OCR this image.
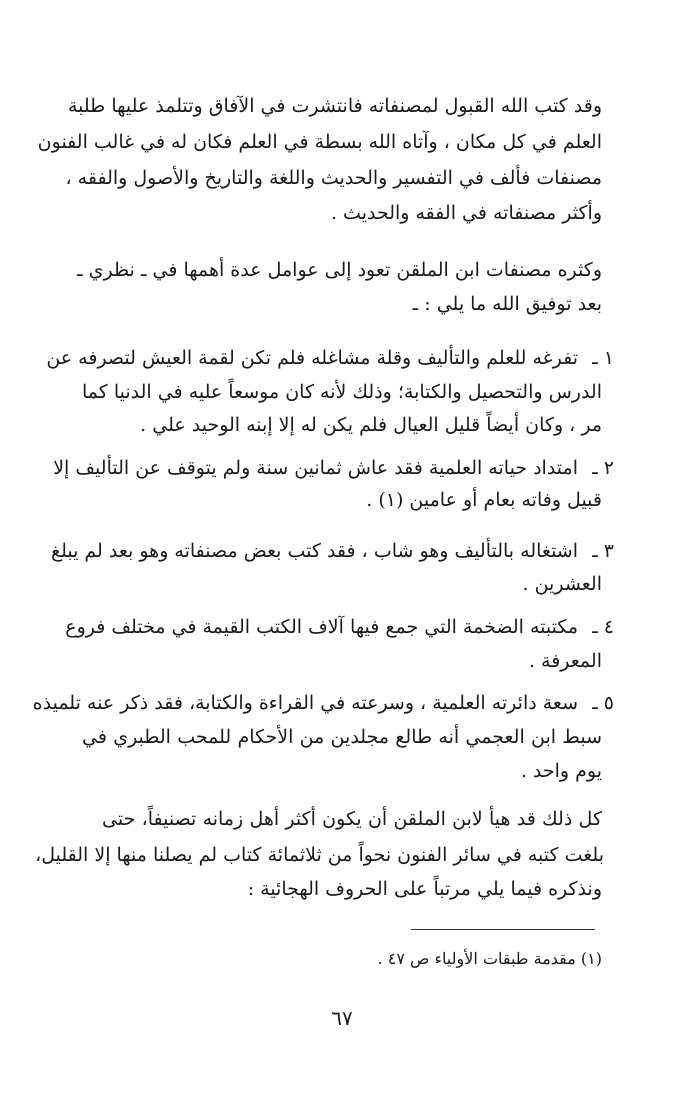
وقد كتب الله القبول لمصنفاته فانتشرت في الآفاق وتتلمذ عليها طلبة
العلم في كل مكان ، وآتاه الله بسطة في العلم فكان له في غالب الفنون
مصنفات فألف في التفسير والحديث واللغة والتاريخ والأصول والفقه ،
وأكثر مصنفاته في الفقه والحديث .
وكثره مصنفات ابن الملقن تعود إلى عوامل عدة أهمها في ـ نظري ـ
بعد توفيق الله ما يلي : ـ
١ ـ
تفرغه للعلم والتأليف وقلة مشاغله فلم تكن لقمة العيش لتصرفه عن
الدرس والتحصيل والكتابة؛ وذلك لأنه كان موسعاً عليه في الدنيا كما
مر ، وكان أيضاً قليل العيال فلم يكن له إلا إبنه الوحيد علي .
٢ ـ
امتداد حياته العلمية فقد عاش ثمانين سنة ولم يتوقف عن التأليف إلا
قبيل وفاته بعام أو عامين (١) .
٣ ـ
اشتغاله بالتأليف وهو شاب ، فقد كتب بعض مصنفاته وهو بعد لم يبلغ
العشرين .
٤ ـ
مكتبته الضخمة التي جمع فيها آلاف الكتب القيمة في مختلف فروع
المعرفة .
٥ ـ
سعة دائرته العلمية ، وسرعته في القراءة والكتابة، فقد ذكر عنه تلميذه
سبط ابن العجمي أنه طالع مجلدين من الأحكام للمحب الطبري في
يوم واحد .
كل ذلك قد هيأ لابن الملقن أن يكون أكثر أهل زمانه تصنيفاً، حتى
بلغت كتبه في سائر الفنون نحواً من ثلاثمائة كتاب لم يصلنا منها إلا القليل،
ونذكره فيما يلي مرتباً على الحروف الهجائية :
(١) مقدمة طبقات الأولياء ص ٤٧ .
٦٧
